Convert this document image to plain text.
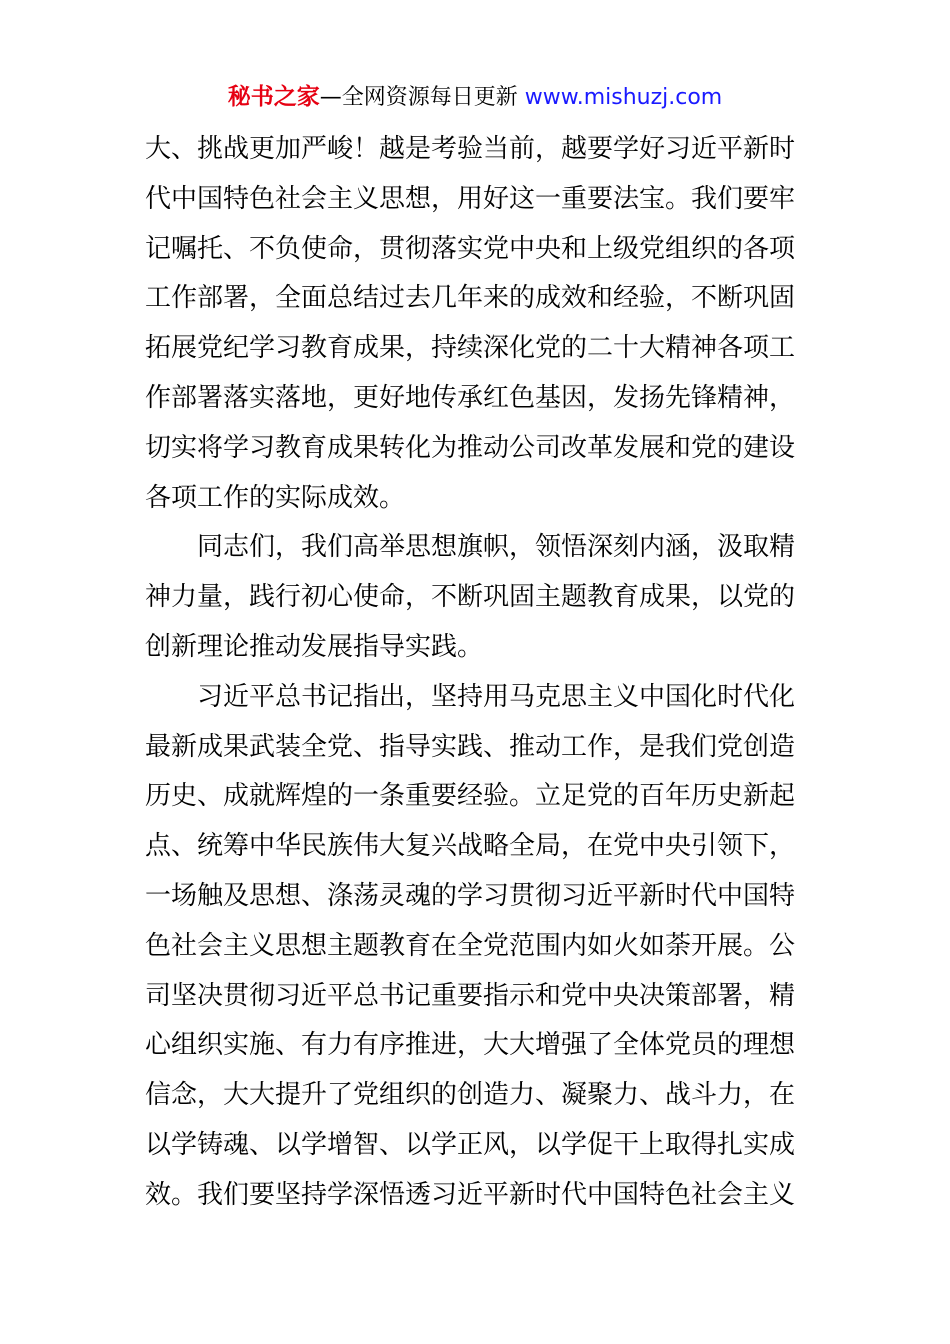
秘书之家—全网资源每日更新 www.mishuzj.com
大、挑战更加严峻！越是考验当前，越要学好习近平新时
代中国特色社会主义思想，用好这一重要法宝。我们要牢
记嘱托、不负使命，贯彻落实党中央和上级党组织的各项
工作部署，全面总结过去几年来的成效和经验，不断巩固
拓展党纪学习教育成果，持续深化党的二十大精神各项工
作部署落实落地，更好地传承红色基因，发扬先锋精神，
切实将学习教育成果转化为推动公司改革发展和党的建设
各项工作的实际成效。
同志们，我们高举思想旗帜，领悟深刻内涵，汲取精
神力量，践行初心使命，不断巩固主题教育成果，以党的
创新理论推动发展指导实践。
习近平总书记指出，坚持用马克思主义中国化时代化
最新成果武装全党、指导实践、推动工作，是我们党创造
历史、成就辉煌的一条重要经验。立足党的百年历史新起
点、统筹中华民族伟大复兴战略全局，在党中央引领下，
一场触及思想、涤荡灵魂的学习贯彻习近平新时代中国特
色社会主义思想主题教育在全党范围内如火如荼开展。公
司坚决贯彻习近平总书记重要指示和党中央决策部署，精
心组织实施、有力有序推进，大大增强了全体党员的理想
信念，大大提升了党组织的创造力、凝聚力、战斗力，在
以学铸魂、以学增智、以学正风，以学促干上取得扎实成
效。我们要坚持学深悟透习近平新时代中国特色社会主义
